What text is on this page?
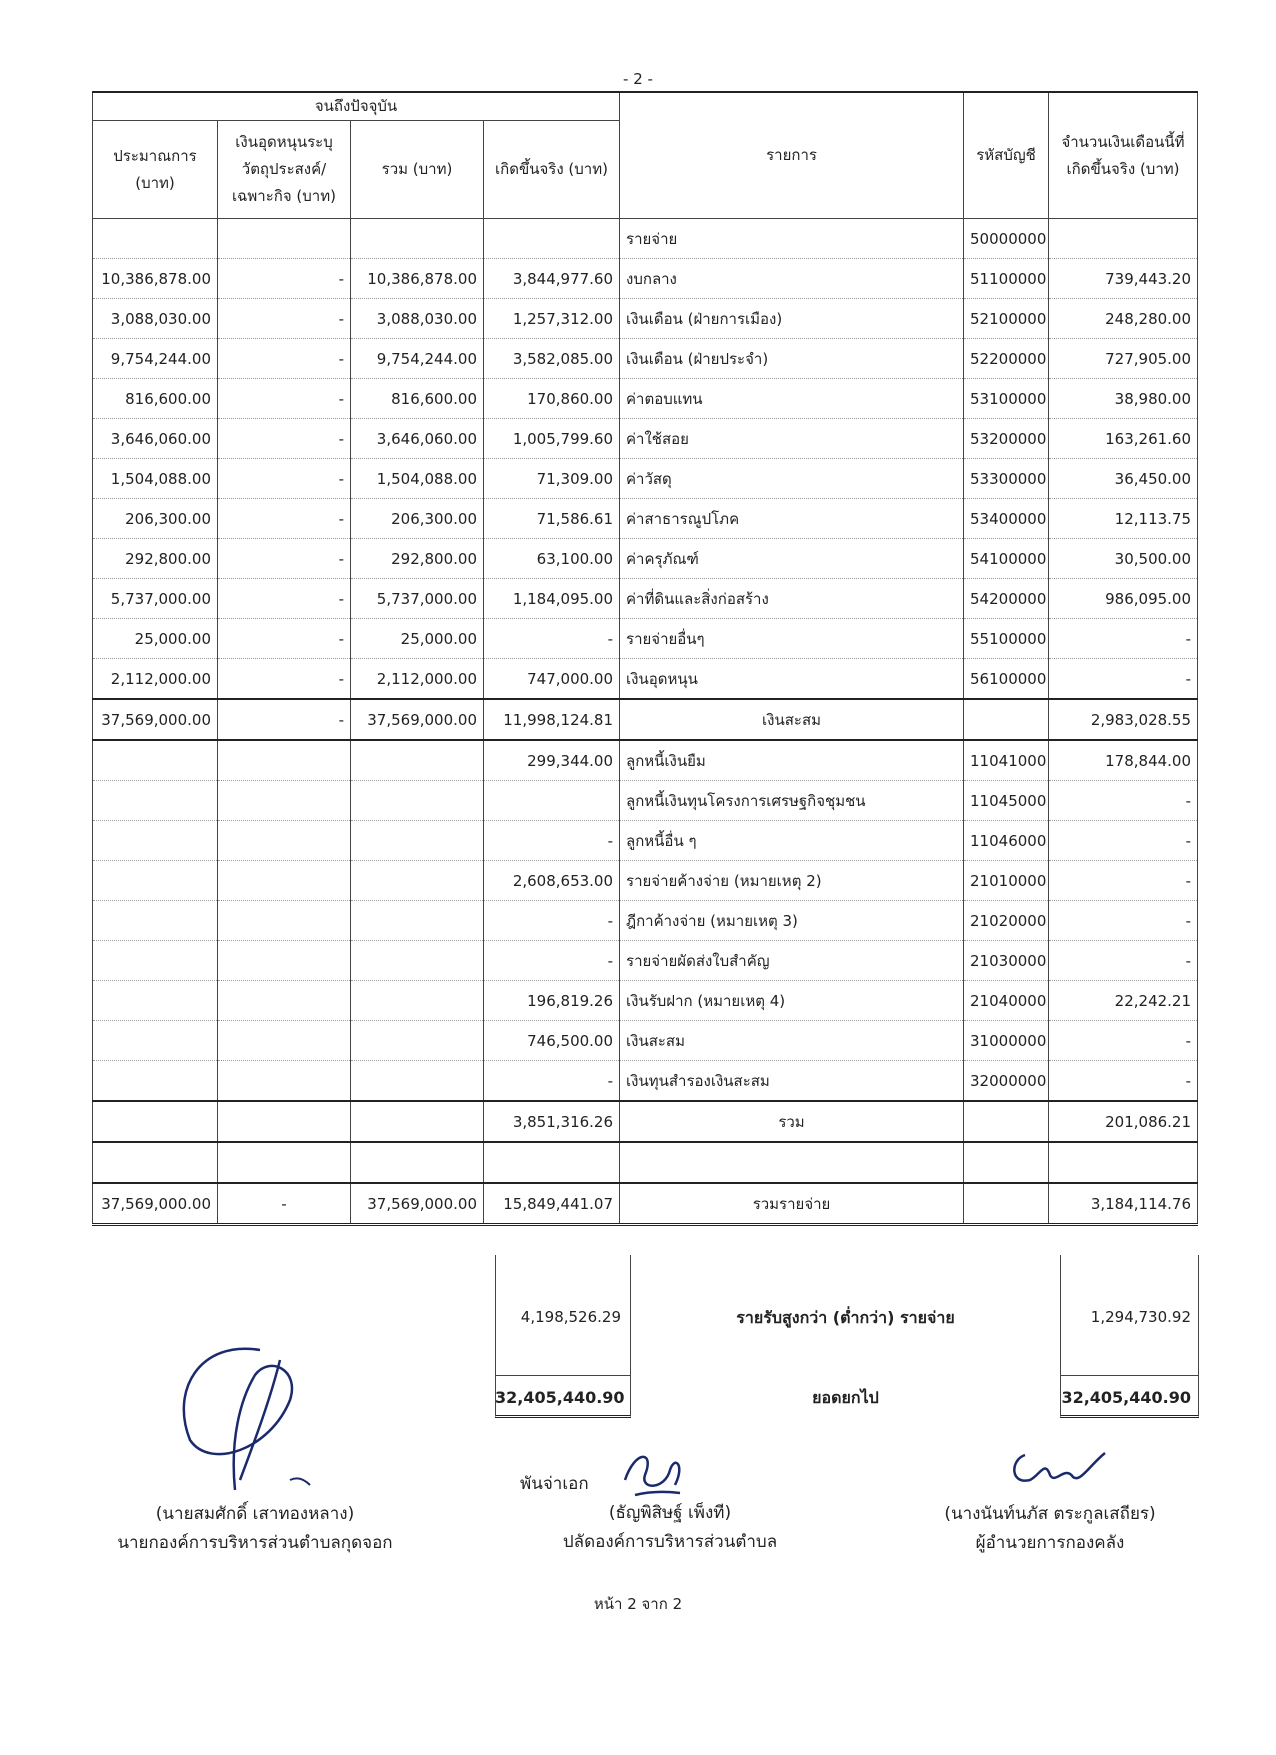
- 2 -
จนถึงปัจจุบัน				รายการ	รหัสบัญชี	จำนวนเงินเดือนนี้ที่เกิดขึ้นจริง (บาท)
ประมาณการ (บาท)	เงินอุดหนุนระบุวัตถุประสงค์/เฉพาะกิจ (บาท)	รวม (บาท)	เกิดขึ้นจริง (บาท)			
				รายจ่าย	50000000	
10,386,878.00	-	10,386,878.00	3,844,977.60	งบกลาง	51100000	739,443.20
3,088,030.00	-	3,088,030.00	1,257,312.00	เงินเดือน (ฝ่ายการเมือง)	52100000	248,280.00
9,754,244.00	-	9,754,244.00	3,582,085.00	เงินเดือน (ฝ่ายประจำ)	52200000	727,905.00
816,600.00	-	816,600.00	170,860.00	ค่าตอบแทน	53100000	38,980.00
3,646,060.00	-	3,646,060.00	1,005,799.60	ค่าใช้สอย	53200000	163,261.60
1,504,088.00	-	1,504,088.00	71,309.00	ค่าวัสดุ	53300000	36,450.00
206,300.00	-	206,300.00	71,586.61	ค่าสาธารณูปโภค	53400000	12,113.75
292,800.00	-	292,800.00	63,100.00	ค่าครุภัณฑ์	54100000	30,500.00
5,737,000.00	-	5,737,000.00	1,184,095.00	ค่าที่ดินและสิ่งก่อสร้าง	54200000	986,095.00
25,000.00	-	25,000.00	-	รายจ่ายอื่นๆ	55100000	-
2,112,000.00	-	2,112,000.00	747,000.00	เงินอุดหนุน	56100000	-
37,569,000.00	-	37,569,000.00	11,998,124.81	เงินสะสม		2,983,028.55
			299,344.00	ลูกหนี้เงินยืม	11041000	178,844.00
				ลูกหนี้เงินทุนโครงการเศรษฐกิจชุมชน	11045000	-
			-	ลูกหนี้อื่น ๆ	11046000	-
			2,608,653.00	รายจ่ายค้างจ่าย (หมายเหตุ 2)	21010000	-
			-	ฎีกาค้างจ่าย (หมายเหตุ 3)	21020000	-
			-	รายจ่ายผัดส่งใบสำคัญ	21030000	-
			196,819.26	เงินรับฝาก (หมายเหตุ 4)	21040000	22,242.21
			746,500.00	เงินสะสม	31000000	-
			-	เงินทุนสำรองเงินสะสม	32000000	-
			3,851,316.26	รวม		201,086.21

37,569,000.00	-	37,569,000.00	15,849,441.07	รวมรายจ่าย		3,184,114.76
4,198,526.29	รายรับสูงกว่า (ต่ำกว่า) รายจ่าย	1,294,730.92
32,405,440.90	ยอดยกไป	32,405,440.90
(นายสมศักดิ์ เสาทองหลาง)
นายกองค์การบริหารส่วนตำบลกุดจอก
พันจ่าเอก
(ธัญพิสิษฐ์ เพ็งที)
ปลัดองค์การบริหารส่วนตำบล
(นางนันท์นภัส ตระกูลเสถียร)
ผู้อำนวยการกองคลัง
หน้า 2 จาก 2
